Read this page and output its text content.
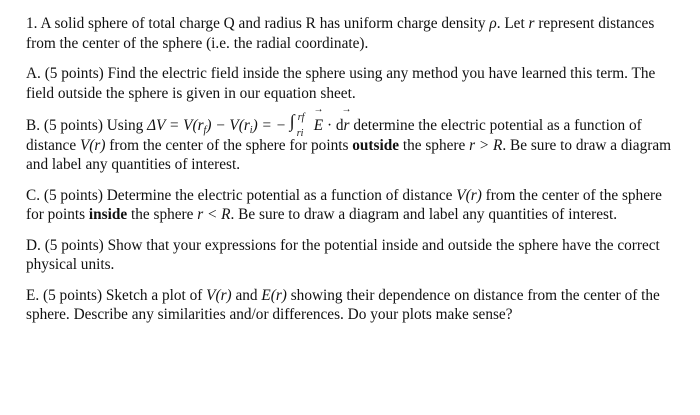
1. A solid sphere of total charge Q and radius R has uniform charge density ρ. Let r represent distances from the center of the sphere (i.e. the radial coordinate).

A. (5 points) Find the electric field inside the sphere using any method you have learned this term. The field outside the sphere is given in our equation sheet.

B. (5 points) Using $\Delta V = V(r_f) - V(r_i)$ = − ∫ rf
ri
→ E · d→ r determine the electric potential as a function of distance V(r) from the center of the sphere for points outside the sphere r > R. Be sure to draw a diagram and label any quantities of interest.

C. (5 points) Determine the electric potential as a function of distance V(r) from the center of the sphere for points inside the sphere r < R. Be sure to draw a diagram and label any quantities of interest.

D. (5 points) Show that your expressions for the potential inside and outside the sphere have the correct physical units.

E. (5 points) Sketch a plot of V(r) and E(r) showing their dependence on distance from the center of the sphere. Describe any similarities and/or differences. Do your plots make sense?
